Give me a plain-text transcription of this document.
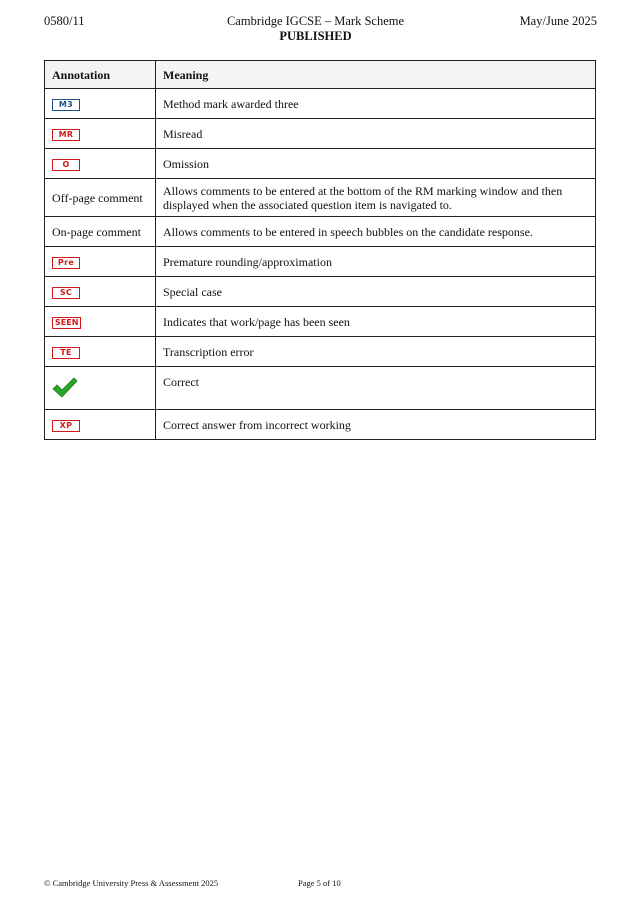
0580/11	Cambridge IGCSE – Mark Scheme
PUBLISHED
May/June 2025
Annotation	Meaning
M3	Method mark awarded three
MR	Misread
O	Omission
Off-page comment	Allows comments to be entered at the bottom of the RM marking window and then displayed when the associated question item is navigated to.
On-page comment	Allows comments to be entered in speech bubbles on the candidate response.
Pre	Premature rounding/approximation
SC	Special case
SEEN	Indicates that work/page has been seen
TE	Transcription error
	Correct
XP	Correct answer from incorrect working
© Cambridge University Press & Assessment 2025	Page 5 of 10
